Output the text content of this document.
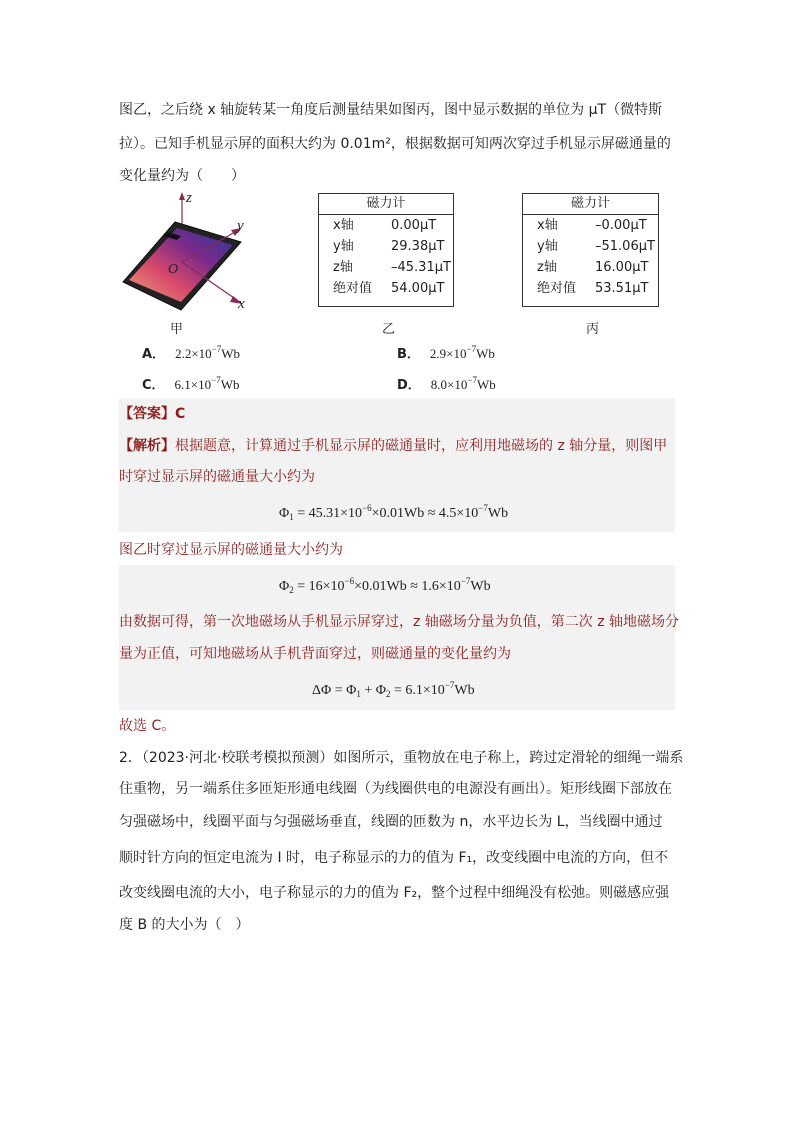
图乙，之后绕 x 轴旋转某一角度后测量结果如图丙，图中显示数据的单位为 μT（微特斯
拉）。已知手机显示屏的面积大约为 0.01m²，根据数据可知两次穿过手机显示屏磁通量的
变化量约为（　　）
z
y
x
O
甲
磁力计
x轴	0.00μT
y轴	29.38μT
z轴	–45.31μT
绝对值	54.00μT
乙
磁力计
x轴	–0.00μT
y轴	–51.06μT
z轴	16.00μT
绝对值	53.51μT
丙
A． $2.2\times 10^{-7}Wb$	B． $2.9\times 10^{-7}Wb$
C． $6.1\times 10^{-7}Wb$	D． $8.0\times 10^{-7}Wb$
【答案】C
【解析】根据题意，计算通过手机显示屏的磁通量时，应利用地磁场的 z 轴分量，则图甲
时穿过显示屏的磁通量大小约为
$\Phi_1 = 45.31\times 10^{-6}\times 0.01Wb \approx 4.5\times 10^{-7}Wb$
图乙时穿过显示屏的磁通量大小约为
$\Phi_2 = 16\times 10^{-6}\times 0.01Wb \approx 1.6\times 10^{-7}Wb$
由数据可得，第一次地磁场从手机显示屏穿过，z 轴磁场分量为负值，第二次 z 轴地磁场分
量为正值，可知地磁场从手机背面穿过，则磁通量的变化量约为
$\Delta\Phi = \Phi_1 + \Phi_2 = 6.1\times 10^{-7}Wb$
故选 C。
2．（2023·河北·校联考模拟预测）如图所示，重物放在电子称上，跨过定滑轮的细绳一端系
住重物，另一端系住多匝矩形通电线圈（为线圈供电的电源没有画出）。矩形线圈下部放在
匀强磁场中，线圈平面与匀强磁场垂直，线圈的匝数为 n，水平边长为 L，当线圈中通过
顺时针方向的恒定电流为 I 时，电子称显示的力的值为 F₁，改变线圈中电流的方向，但不
改变线圈电流的大小，电子称显示的力的值为 F₂，整个过程中细绳没有松弛。则磁感应强
度 B 的大小为（　）
